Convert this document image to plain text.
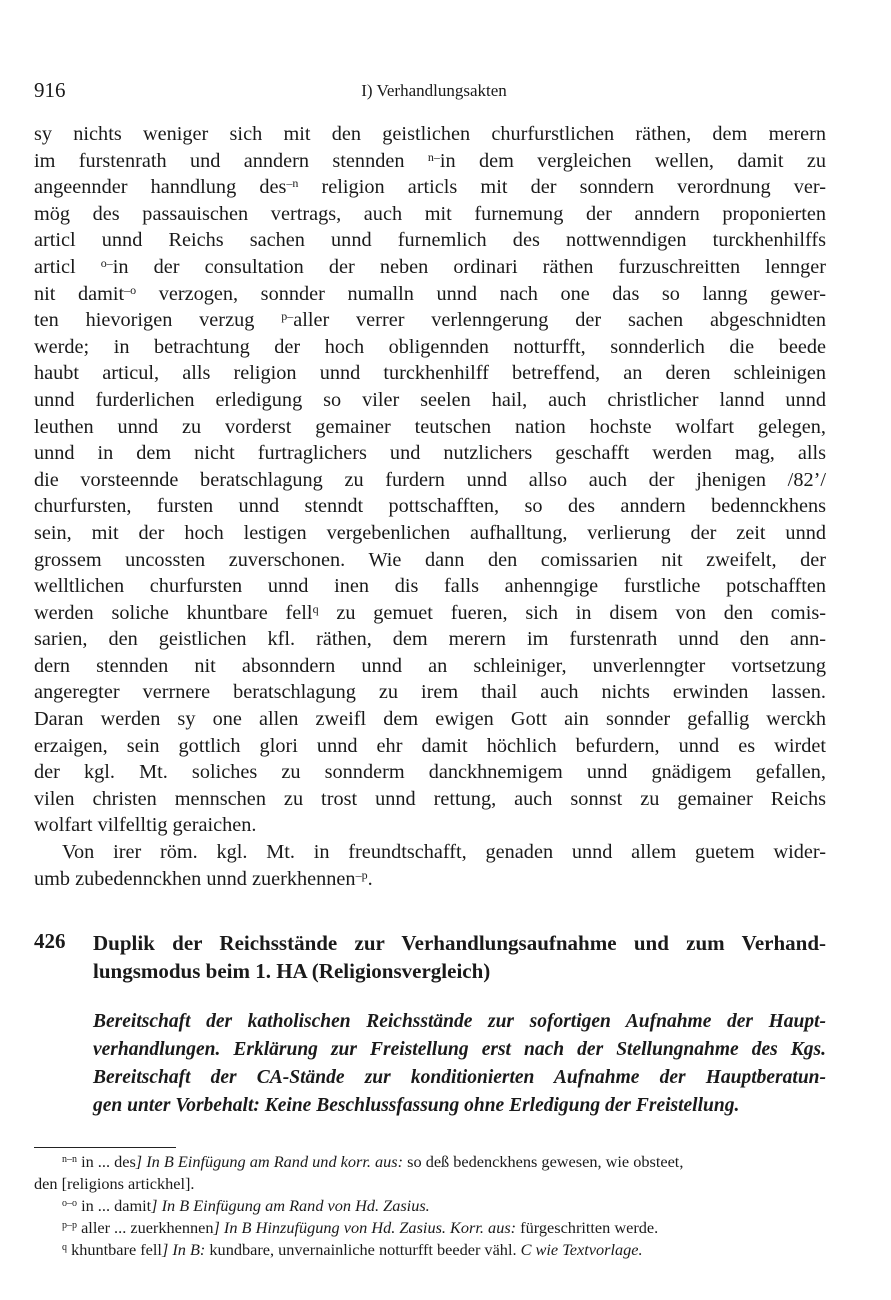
916	I) Verhandlungsakten
sy nichts weniger sich mit den geistlichen churfurstlichen räthen, dem merern
im furstenrath und anndern stennden $^{n-}$in dem vergleichen wellen, damit zu
angeennder hanndlung des$^{-n}$ religion articls mit der sonndern verordnung ver-
mög des passauischen vertrags, auch mit furnemung der anndern proponierten
articl unnd Reichs sachen unnd furnemlich des nottwenndigen turckhenhilffs
articl $^{o-}$in der consultation der neben ordinari räthen furzuschreitten lennger
nit damit$^{-o}$ verzogen, sonnder numalln unnd nach one das so lanng gewer-
ten hievorigen verzug $^{p-}$aller verrer verlenngerung der sachen abgeschnidten
werde; in betrachtung der hoch obligennden notturfft, sonnderlich die beede
haubt articul, alls religion unnd turckhenhilff betreffend, an deren schleinigen
unnd furderlichen erledigung so viler seelen hail, auch christlicher lannd unnd
leuthen unnd zu vorderst gemainer teutschen nation hochste wolfart gelegen,
unnd in dem nicht furtraglichers und nutzlichers geschafft werden mag, alls
die vorsteennde beratschlagung zu furdern unnd allso auch der jhenigen /82’/
churfursten, fursten unnd stenndt pottschafften, so des anndern bedennckhens
sein, mit der hoch lestigen vergebenlichen aufhalltung, verlierung der zeit unnd
grossem uncossten zuverschonen. Wie dann den comissarien nit zweifelt, der
welltlichen churfursten unnd inen dis falls anhenngige furstliche potschafften
werden soliche khuntbare fell$^q$ zu gemuet fueren, sich in disem von den comis-
sarien, den geistlichen kfl. räthen, dem merern im furstenrath unnd den ann-
dern stennden nit absonndern unnd an schleiniger, unverlenngter vortsetzung
angeregter verrnere beratschlagung zu irem thail auch nichts erwinden lassen.
Daran werden sy one allen zweifl dem ewigen Gott ain sonnder gefallig werckh
erzaigen, sein gottlich glori unnd ehr damit höchlich befurdern, unnd es wirdet
der kgl. Mt. soliches zu sonnderm danckhnemigem unnd gnädigem gefallen,
vilen christen mennschen zu trost unnd rettung, auch sonnst zu gemainer Reichs
wolfart vilfelltig geraichen.
Von irer röm. kgl. Mt. in freundtschafft, genaden unnd allem guetem wider-
umb zubedennckhen unnd zuerkhennen$^{-p}$.
426 Duplik der Reichsstände zur Verhandlungsaufnahme und zum Verhand-
lungsmodus beim 1. HA (Religionsvergleich)
Bereitschaft der katholischen Reichsstände zur sofortigen Aufnahme der Haupt-
verhandlungen. Erklärung zur Freistellung erst nach der Stellungnahme des Kgs.
Bereitschaft der CA-Stände zur konditionierten Aufnahme der Hauptberatun-
gen unter Vorbehalt: Keine Beschlussfassung ohne Erledigung der Freistellung.
$^{n-n}$ in ... des] In B Einfügung am Rand und korr. aus: so deß bedenckhens gewesen, wie obsteet,
den [religions artickhel].
$^{o-o}$ in ... damit] In B Einfügung am Rand von Hd. Zasius.
$^{p-p}$ aller ... zuerkhennen] In B Hinzufügung von Hd. Zasius. Korr. aus: fürgeschritten werde.
$^q$ khuntbare fell] In B: kundbare, unvernainliche notturfft beeder vähl. C wie Textvorlage.
